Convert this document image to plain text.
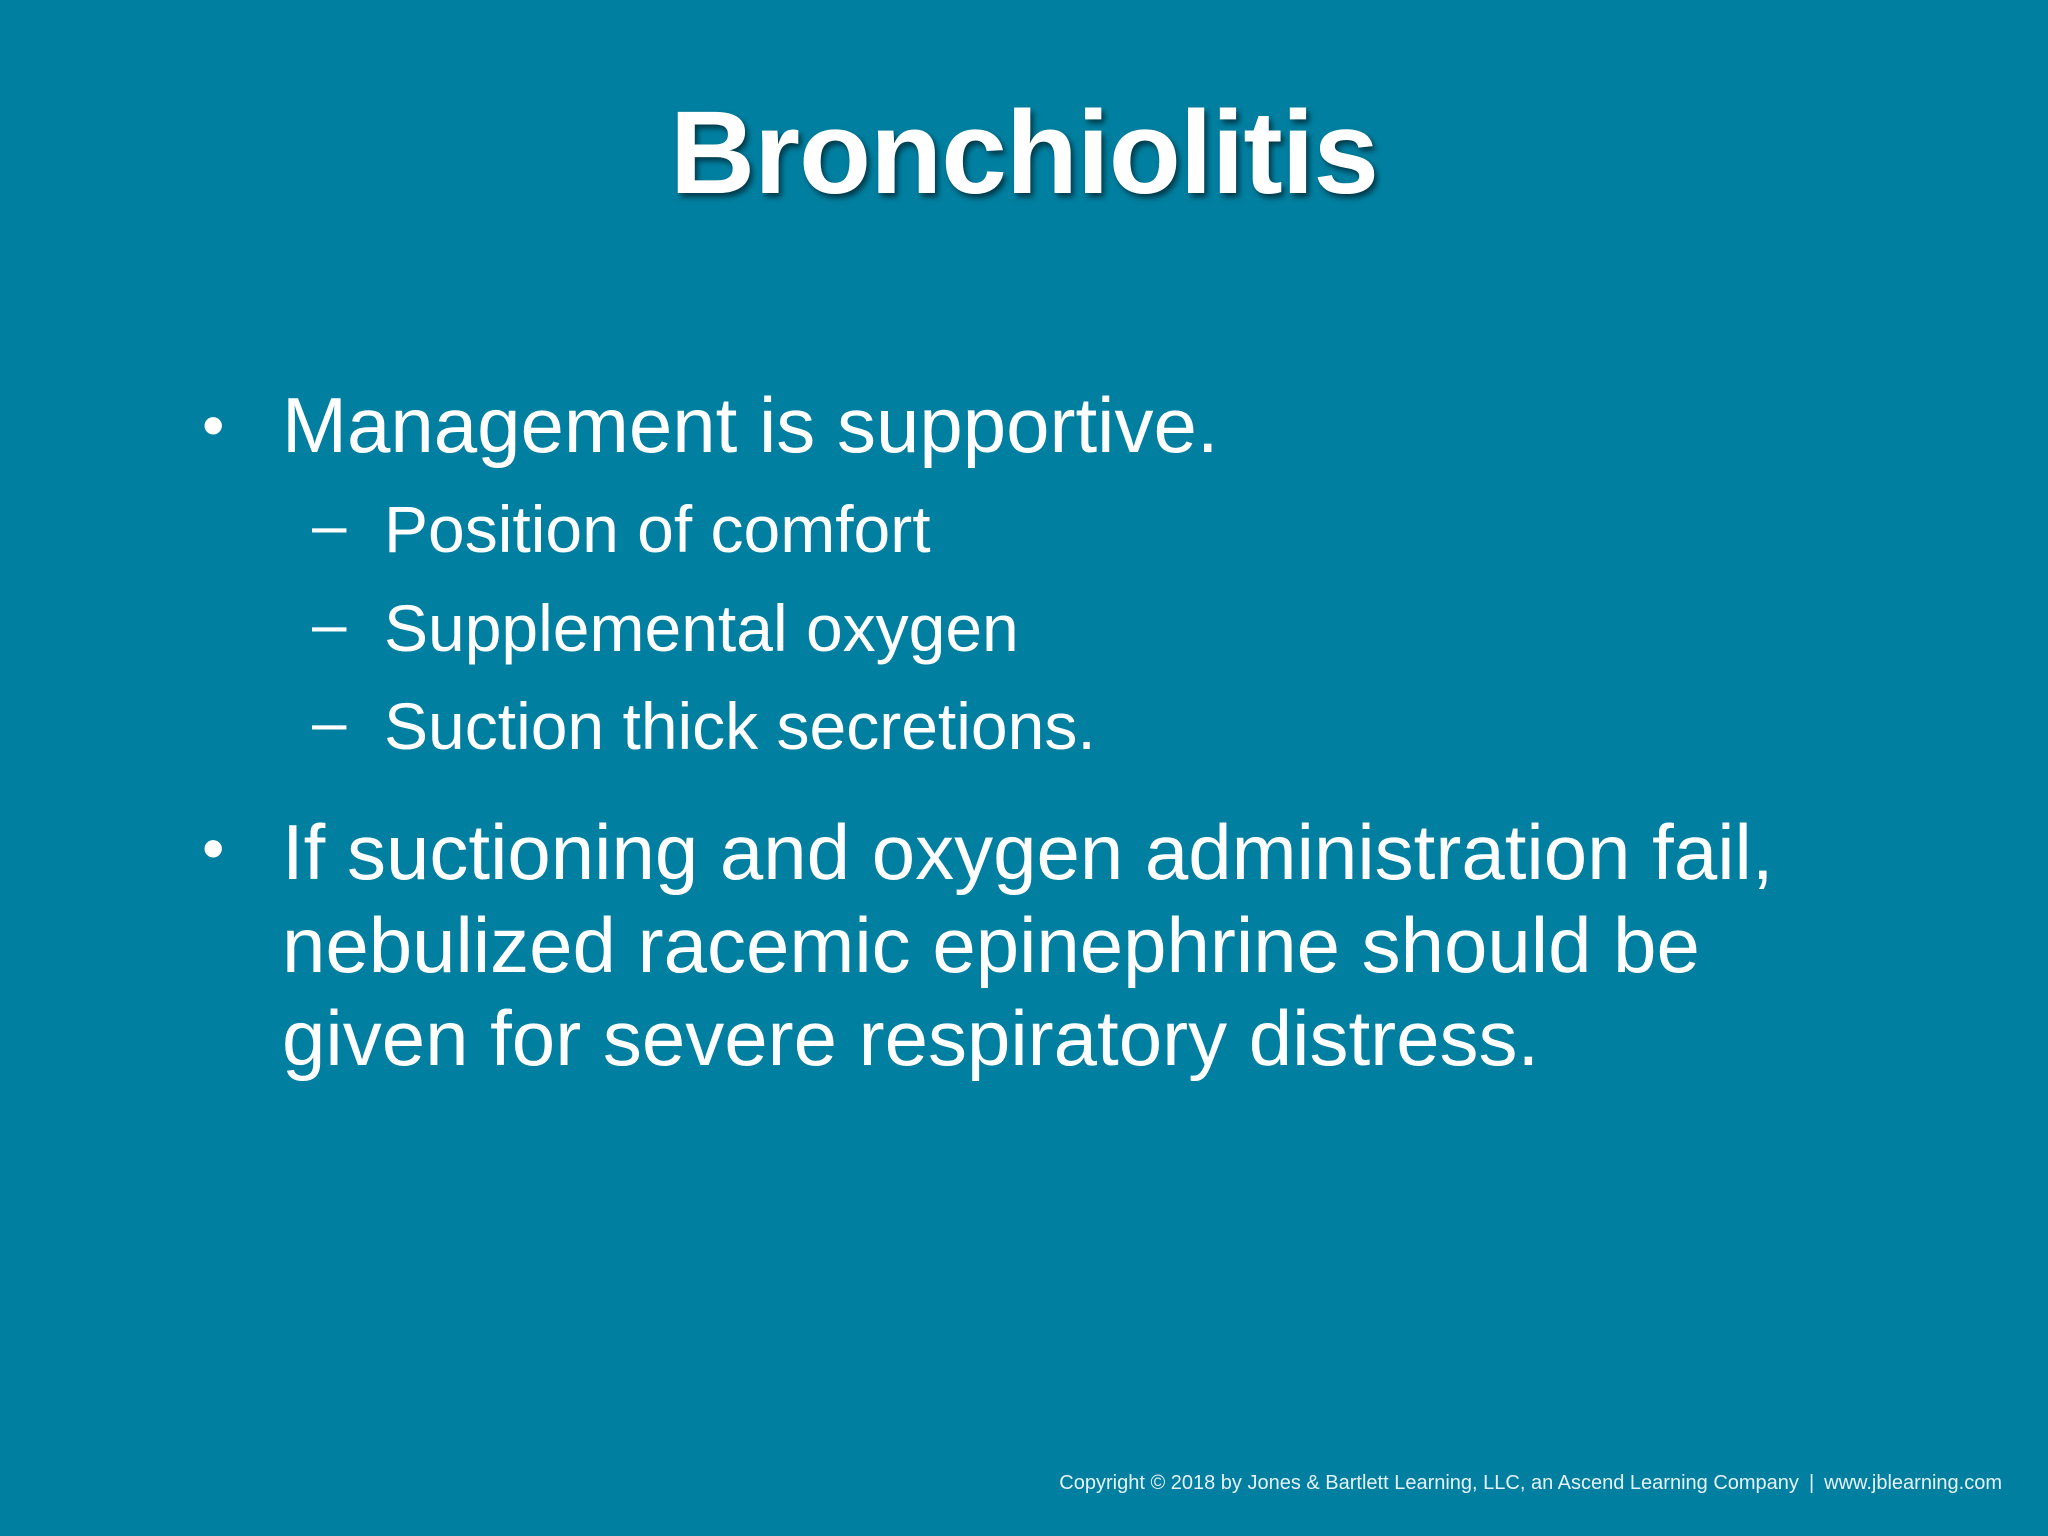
Bronchiolitis
• Management is supportive.
– Position of comfort
– Supplemental oxygen
– Suction thick secretions.
• If suctioning and oxygen administration fail,
nebulized racemic epinephrine should be
given for severe respiratory distress.
Copyright © 2018 by Jones & Bartlett Learning, LLC, an Ascend Learning Company | www.jblearning.com
